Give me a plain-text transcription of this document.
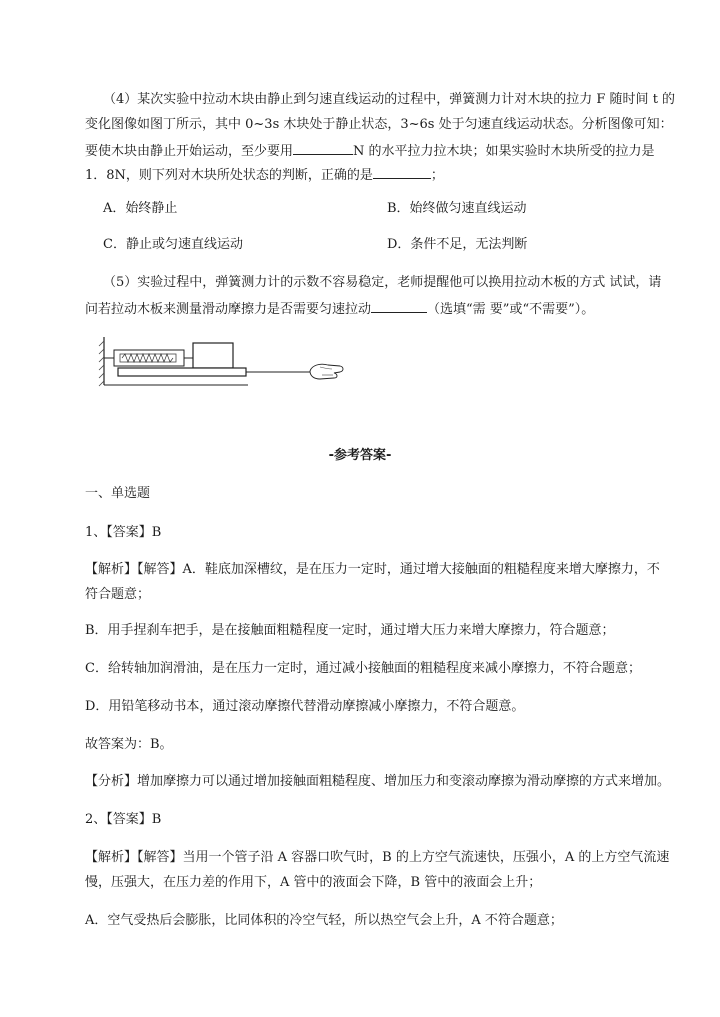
（4）某次实验中拉动木块由静止到匀速直线运动的过程中，弹簧测力计对木块的拉力 F 随时间 t 的
变化图像如图丁所示，其中 0~3s 木块处于静止状态，3~6s 处于匀速直线运动状态。分析图像可知：
要使木块由静止开始运动，至少要用	N 的水平拉力拉木块；如果实验时木块所受的拉力是
1．8N，则下列对木块所处状态的判断，正确的是	；
A．始终静止	B．始终做匀速直线运动
C．静止或匀速直线运动	D．条件不足，无法判断
（5）实验过程中，弹簧测力计的示数不容易稳定，老师提醒他可以换用拉动木板的方式 试试，请
问若拉动木板来测量滑动摩擦力是否需要匀速拉动	（选填“需 要”或“不需要”）。
-参考答案-
一、单选题
1、【答案】B
【解析】【解答】A．鞋底加深槽纹，是在压力一定时，通过增大接触面的粗糙程度来增大摩擦力，不
符合题意；
B．用手捏刹车把手，是在接触面粗糙程度一定时，通过增大压力来增大摩擦力，符合题意；
C．给转轴加润滑油，是在压力一定时，通过减小接触面的粗糙程度来减小摩擦力，不符合题意；
D．用铅笔移动书本，通过滚动摩擦代替滑动摩擦减小摩擦力，不符合题意。
故答案为：B。
【分析】增加摩擦力可以通过增加接触面粗糙程度、增加压力和变滚动摩擦为滑动摩擦的方式来增加。
2、【答案】B
【解析】【解答】当用一个管子沿 A 容器口吹气时，B 的上方空气流速快，压强小，A 的上方空气流速
慢，压强大，在压力差的作用下，A 管中的液面会下降，B 管中的液面会上升；
A．空气受热后会膨胀，比同体积的冷空气轻，所以热空气会上升，A 不符合题意；
